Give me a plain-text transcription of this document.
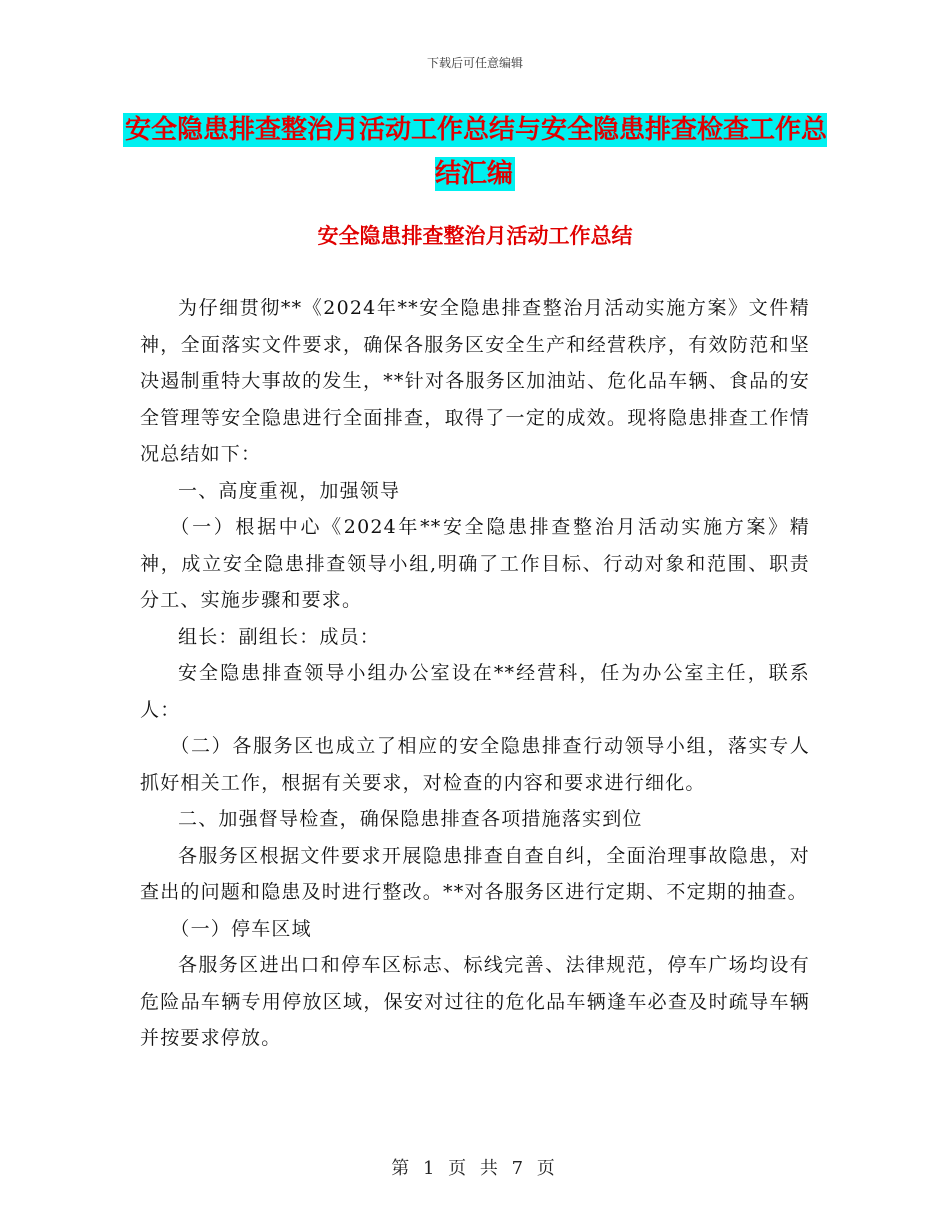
下载后可任意编辑
安全隐患排查整治月活动工作总结与安全隐患排查检查工作总结汇编
安全隐患排查整治月活动工作总结

为仔细贯彻**《2024年**安全隐患排查整治月活动实施方案》文件精神，全面落实文件要求，确保各服务区安全生产和经营秩序，有效防范和坚决遏制重特大事故的发生，**针对各服务区加油站、危化品车辆、食品的安全管理等安全隐患进行全面排查，取得了一定的成效。现将隐患排查工作情况总结如下：

一、高度重视，加强领导

（一）根据中心《2024年**安全隐患排查整治月活动实施方案》精神，成立安全隐患排查领导小组,明确了工作目标、行动对象和范围、职责分工、实施步骤和要求。

组长：副组长：成员：

安全隐患排查领导小组办公室设在**经营科，任为办公室主任，联系人：

（二）各服务区也成立了相应的安全隐患排查行动领导小组，落实专人抓好相关工作，根据有关要求，对检查的内容和要求进行细化。

二、加强督导检查，确保隐患排查各项措施落实到位

各服务区根据文件要求开展隐患排查自查自纠，全面治理事故隐患，对查出的问题和隐患及时进行整改。**对各服务区进行定期、不定期的抽查。

（一）停车区域

各服务区进出口和停车区标志、标线完善、法律规范，停车广场均设有危险品车辆专用停放区域，保安对过往的危化品车辆逢车必查及时疏导车辆并按要求停放。

第 1 页 共 7 页
